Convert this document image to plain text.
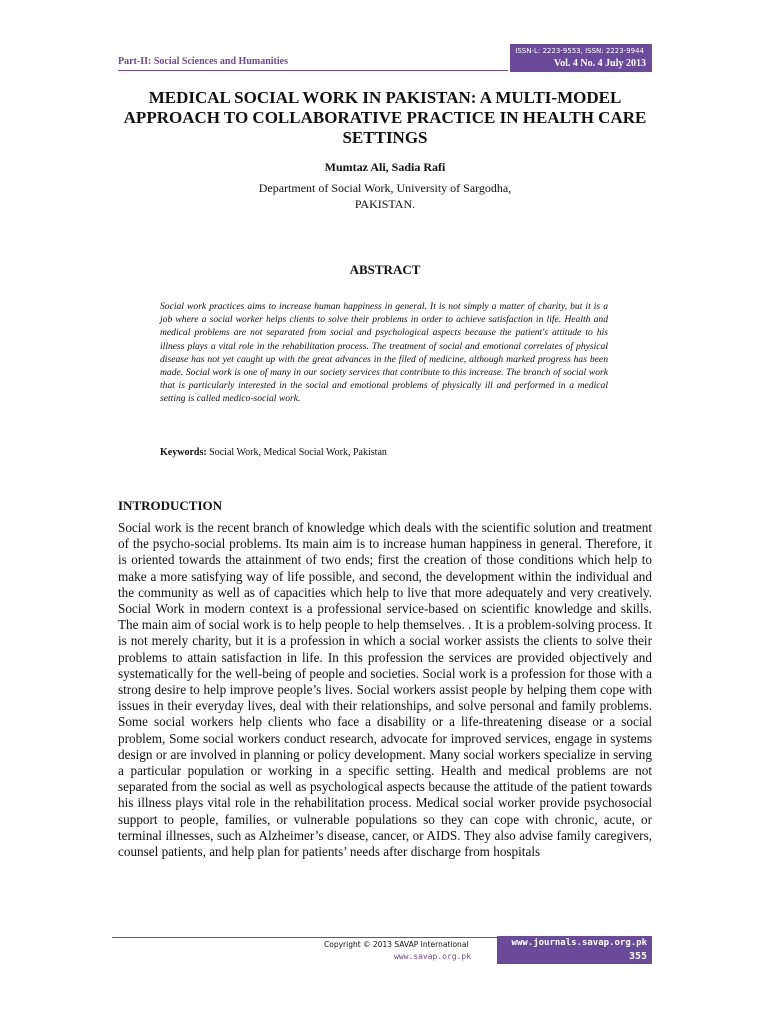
Part-II: Social Sciences and Humanities
ISSN-L: 2223-9553, ISSN: 2223-9944
Vol. 4 No. 4 July 2013
MEDICAL SOCIAL WORK IN PAKISTAN: A MULTI-MODEL APPROACH TO COLLABORATIVE PRACTICE IN HEALTH CARE SETTINGS
Mumtaz Ali, Sadia Rafi
Department of Social Work, University of Sargodha,
PAKISTAN.
ABSTRACT
Social work practices aims to increase human happiness in general. It is not simply a matter of charity, but it is a job where a social worker helps clients to solve their problems in order to achieve satisfaction in life. Health and medical problems are not separated from social and psychological aspects because the patient's attitude to his illness plays a vital role in the rehabilitation process. The treatment of social and emotional correlates of physical disease has not yet caught up with the great advances in the filed of medicine, although marked progress has been made. Social work is one of many in our society services that contribute to this increase. The branch of social work that is particularly interested in the social and emotional problems of physically ill and performed in a medical setting is called medico-social work.
Keywords: Social Work, Medical Social Work, Pakistan
INTRODUCTION
Social work is the recent branch of knowledge which deals with the scientific solution and treatment of the psycho-social problems. Its main aim is to increase human happiness in general. Therefore, it is oriented towards the attainment of two ends; first the creation of those conditions which help to make a more satisfying way of life possible, and second, the development within the individual and the community as well as of capacities which help to live that more adequately and very creatively. Social Work in modern context is a professional service-based on scientific knowledge and skills. The main aim of social work is to help people to help themselves. . It is a problem-solving process. It is not merely charity, but it is a profession in which a social worker assists the clients to solve their problems to attain satisfaction in life. In this profession the services are provided objectively and systematically for the well-being of people and societies. Social work is a profession for those with a strong desire to help improve people’s lives. Social workers assist people by helping them cope with issues in their everyday lives, deal with their relationships, and solve personal and family problems. Some social workers help clients who face a disability or a life-threatening disease or a social problem, Some social workers conduct research, advocate for improved services, engage in systems design or are involved in planning or policy development. Many social workers specialize in serving a particular population or working in a specific setting. Health and medical problems are not separated from the social as well as psychological aspects because the attitude of the patient towards his illness plays vital role in the rehabilitation process. Medical social worker provide psychosocial support to people, families, or vulnerable populations so they can cope with chronic, acute, or terminal illnesses, such as Alzheimer’s disease, cancer, or AIDS. They also advise family caregivers, counsel patients, and help plan for patients’ needs after discharge from hospitals
Copyright © 2013 SAVAP International
www.savap.org.pk
www.journals.savap.org.pk
355
